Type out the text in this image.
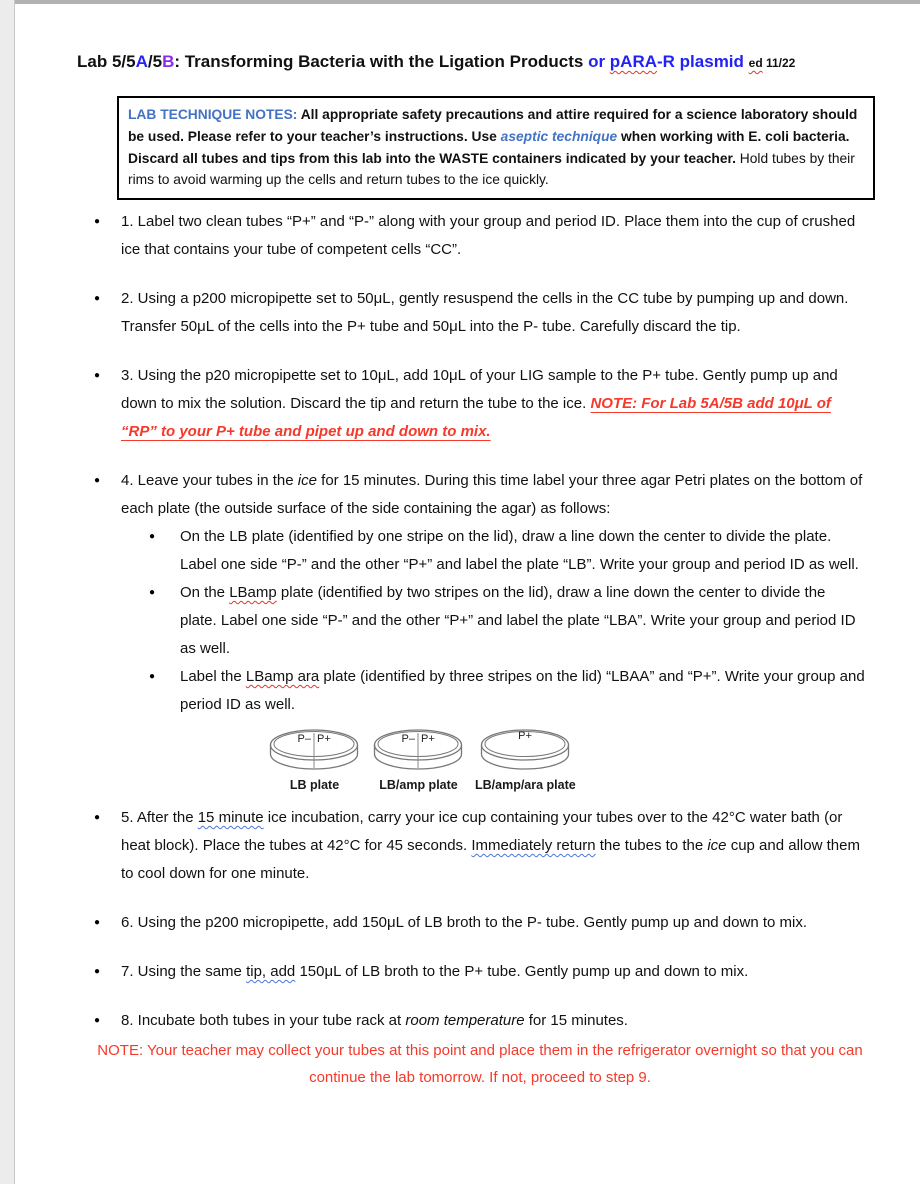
Lab 5/5A/5B: Transforming Bacteria with the Ligation Products or pARA-R plasmid ed 11/22
LAB TECHNIQUE NOTES: All appropriate safety precautions and attire required for a science laboratory should be used. Please refer to your teacher’s instructions. Use aseptic technique when working with E. coli bacteria. Discard all tubes and tips from this lab into the WASTE containers indicated by your teacher. Hold tubes by their rims to avoid warming up the cells and return tubes to the ice quickly.
●	1. Label two clean tubes “P+” and “P-” along with your group and period ID. Place them into the cup of crushed ice that contains your tube of competent cells “CC”.
●	2. Using a p200 micropipette set to 50μL, gently resuspend the cells in the CC tube by pumping up and down. Transfer 50μL of the cells into the P+ tube and 50μL into the P- tube. Carefully discard the tip.
●	3. Using the p20 micropipette set to 10μL, add 10μL of your LIG sample to the P+ tube. Gently pump up and down to mix the solution. Discard the tip and return the tube to the ice. NOTE: For Lab 5A/5B add 10μL of “RP” to your P+ tube and pipet up and down to mix.
●	4. Leave your tubes in the ice for 15 minutes. During this time label your three agar Petri plates on the bottom of each plate (the outside surface of the side containing the agar) as follows:
●	On the LB plate (identified by one stripe on the lid), draw a line down the center to divide the plate. Label one side “P-” and the other “P+” and label the plate “LB”. Write your group and period ID as well.
●	On the LBamp plate (identified by two stripes on the lid), draw a line down the center to divide the plate. Label one side “P-” and the other “P+” and label the plate “LBA”. Write your group and period ID as well.
●	Label the LBamp ara plate (identified by three stripes on the lid) “LBAA” and “P+”. Write your group and period ID as well.
P– P+
LB plate
P– P+
LB/amp plate
P+
LB/amp/ara plate
●	5. After the 15 minute ice incubation, carry your ice cup containing your tubes over to the 42°C water bath (or heat block). Place the tubes at 42°C for 45 seconds. Immediately return the tubes to the ice cup and allow them to cool down for one minute.
●	6. Using the p200 micropipette, add 150μL of LB broth to the P- tube. Gently pump up and down to mix.
●	7. Using the same tip, add 150μL of LB broth to the P+ tube. Gently pump up and down to mix.
●	8. Incubate both tubes in your tube rack at room temperature for 15 minutes.
NOTE: Your teacher may collect your tubes at this point and place them in the refrigerator overnight so that you can continue the lab tomorrow. If not, proceed to step 9.
